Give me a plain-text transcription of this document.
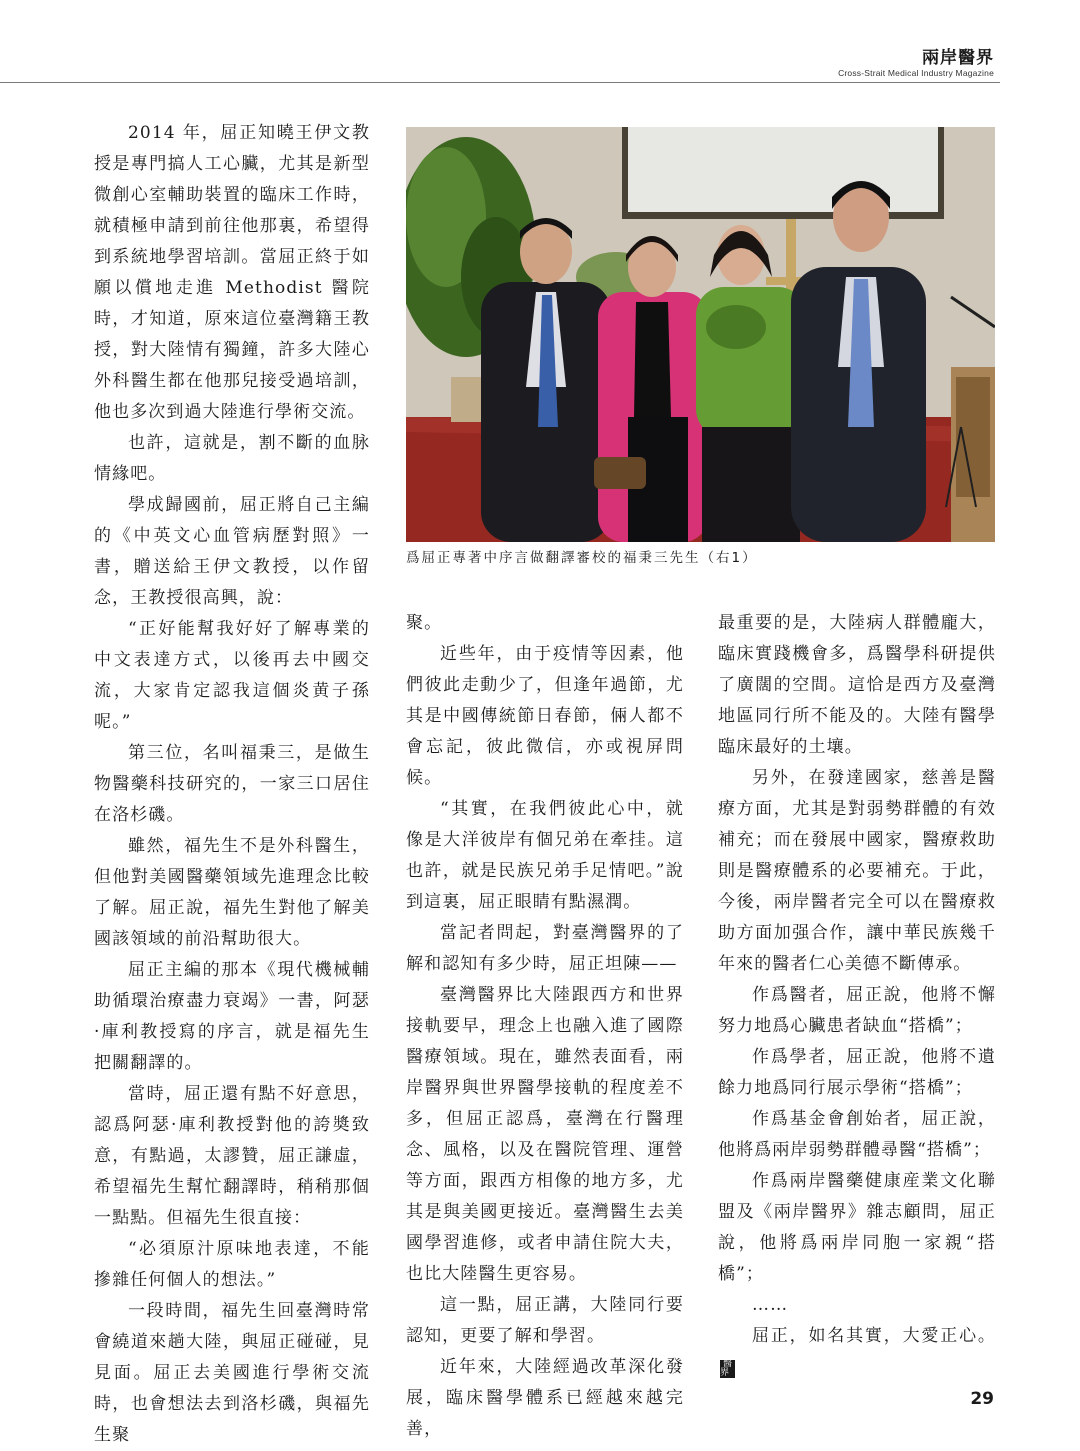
兩岸醫界
Cross-Strait Medical Industry Magazine

2014 年，屈正知曉王伊文教授是專門搞人工心臟，尤其是新型微創心室輔助裝置的臨床工作時，就積極申請到前往他那裏，希望得到系統地學習培訓。當屈正終于如願以償地走進 Methodist 醫院時，才知道，原來這位臺灣籍王教授，對大陸情有獨鐘，許多大陸心外科醫生都在他那兒接受過培訓，他也多次到過大陸進行學術交流。

也許，這就是，割不斷的血脉情緣吧。

學成歸國前，屈正將自己主編的《中英文心血管病歷對照》一書，贈送給王伊文教授，以作留念，王教授很高興，說：

“正好能幫我好好了解專業的中文表達方式，以後再去中國交流，大家肯定認我這個炎黄子孫呢。”

第三位，名叫福秉三，是做生物醫藥科技研究的，一家三口居住在洛杉磯。

雖然，福先生不是外科醫生，但他對美國醫藥領域先進理念比較了解。屈正說，福先生對他了解美國該領域的前沿幫助很大。

屈正主編的那本《現代機械輔助循環治療盡力衰竭》一書，阿瑟·庫利教授寫的序言，就是福先生把關翻譯的。

當時，屈正還有點不好意思，認爲阿瑟·庫利教授對他的誇奬致意，有點過，太謬贊，屈正謙虛，希望福先生幫忙翻譯時，稍稍那個一點點。但福先生很直接：

“必須原汁原味地表達，不能摻雜任何個人的想法。”

一段時間，福先生回臺灣時常會繞道來趟大陸，與屈正碰碰，見見面。屈正去美國進行學術交流時，也會想法去到洛杉磯，與福先生聚

爲屈正專著中序言做翻譯審校的福秉三先生（右1）

聚。

近些年，由于疫情等因素，他們彼此走動少了，但逢年過節，尤其是中國傳統節日春節，倆人都不會忘記，彼此微信，亦或視屏問候。

“其實，在我們彼此心中，就像是大洋彼岸有個兄弟在牽挂。這也許，就是民族兄弟手足情吧。”說到這裏，屈正眼睛有點濕潤。

當記者問起，對臺灣醫界的了解和認知有多少時，屈正坦陳——

臺灣醫界比大陸跟西方和世界接軌要早，理念上也融入進了國際醫療領域。現在，雖然表面看，兩岸醫界與世界醫學接軌的程度差不多，但屈正認爲，臺灣在行醫理念、風格，以及在醫院管理、運營等方面，跟西方相像的地方多，尤其是與美國更接近。臺灣醫生去美國學習進修，或者申請住院大夫，也比大陸醫生更容易。

這一點，屈正講，大陸同行要認知，更要了解和學習。

近年來，大陸經過改革深化發展，臨床醫學體系已經越來越完善，

最重要的是，大陸病人群體龐大，臨床實踐機會多，爲醫學科研提供了廣闊的空間。這恰是西方及臺灣地區同行所不能及的。大陸有醫學臨床最好的土壤。

另外，在發達國家，慈善是醫療方面，尤其是對弱勢群體的有效補充；而在發展中國家，醫療救助則是醫療體系的必要補充。于此，今後，兩岸醫者完全可以在醫療救助方面加强合作，讓中華民族幾千年來的醫者仁心美德不斷傳承。

作爲醫者，屈正說，他將不懈努力地爲心臟患者缺血“搭橋”；

作爲學者，屈正說，他將不遺餘力地爲同行展示學術“搭橋”；

作爲基金會創始者，屈正說，他將爲兩岸弱勢群體尋醫“搭橋”；

作爲兩岸醫藥健康産業文化聯盟及《兩岸醫界》雜志顧問，屈正說，他將爲兩岸同胞一家親“搭橋”；

……

屈正，如名其實，大愛正心。醫界

29
